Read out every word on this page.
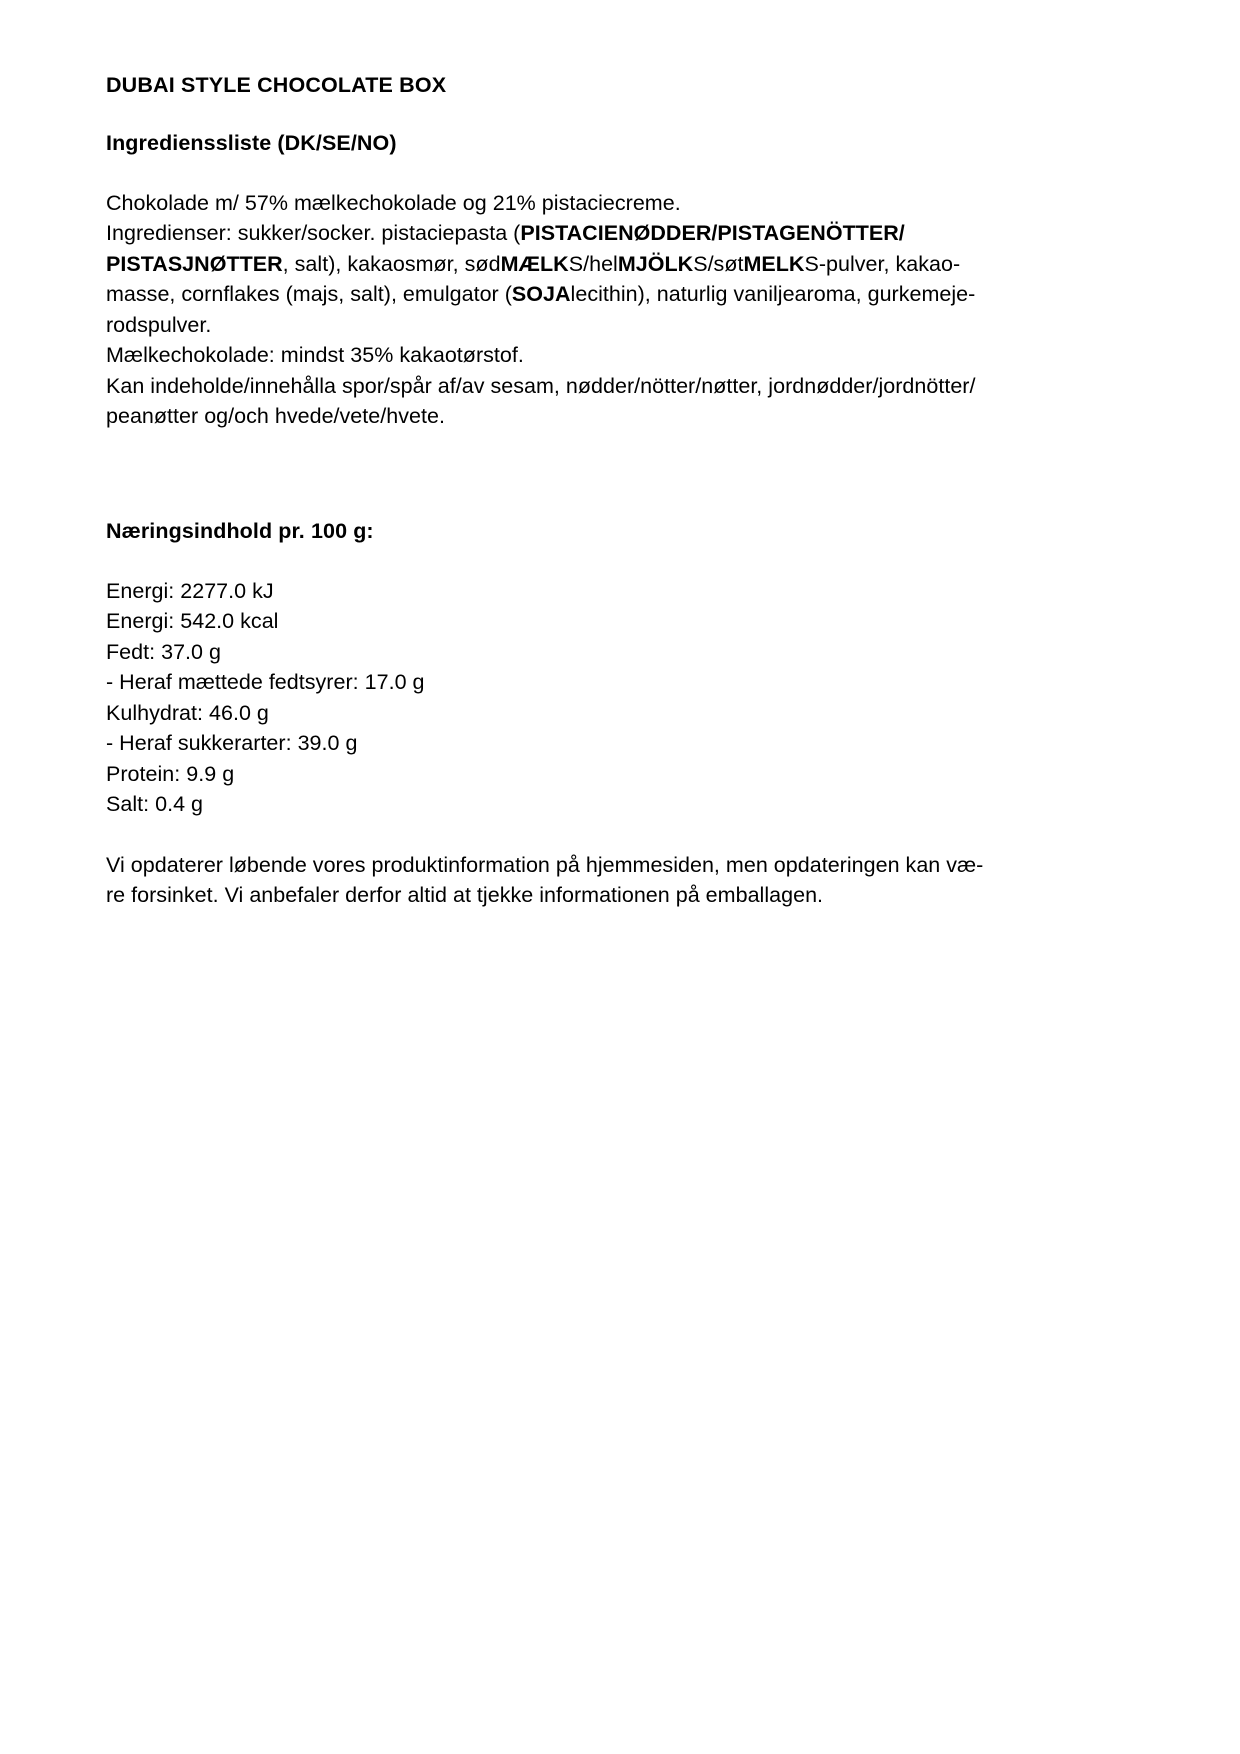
DUBAI STYLE CHOCOLATE BOX
Ingredienssliste (DK/SE/NO)
Chokolade m/ 57% mælkechokolade og 21% pistaciecreme.
Ingredienser: sukker/socker. pistaciepasta (PISTACIENØDDER/PISTAGENÖTTER/
PISTASJNØTTER, salt), kakaosmør, sødMÆLKS/helMJÖLKS/søtMELKS-pulver, kakao-
masse, cornflakes (majs, salt), emulgator (SOJAlecithin), naturlig vaniljearoma, gurkemeje-
rodspulver.
Mælkechokolade: mindst 35% kakaotørstof.
Kan indeholde/innehålla spor/spår af/av sesam, nødder/nötter/nøtter, jordnødder/jordnötter/
peanøtter og/och hvede/vete/hvete.
Næringsindhold pr. 100 g:
Energi: 2277.0 kJ
Energi: 542.0 kcal
Fedt: 37.0 g
- Heraf mættede fedtsyrer: 17.0 g
Kulhydrat: 46.0 g
- Heraf sukkerarter: 39.0 g
Protein: 9.9 g
Salt: 0.4 g
Vi opdaterer løbende vores produktinformation på hjemmesiden, men opdateringen kan væ-
re forsinket. Vi anbefaler derfor altid at tjekke informationen på emballagen.
